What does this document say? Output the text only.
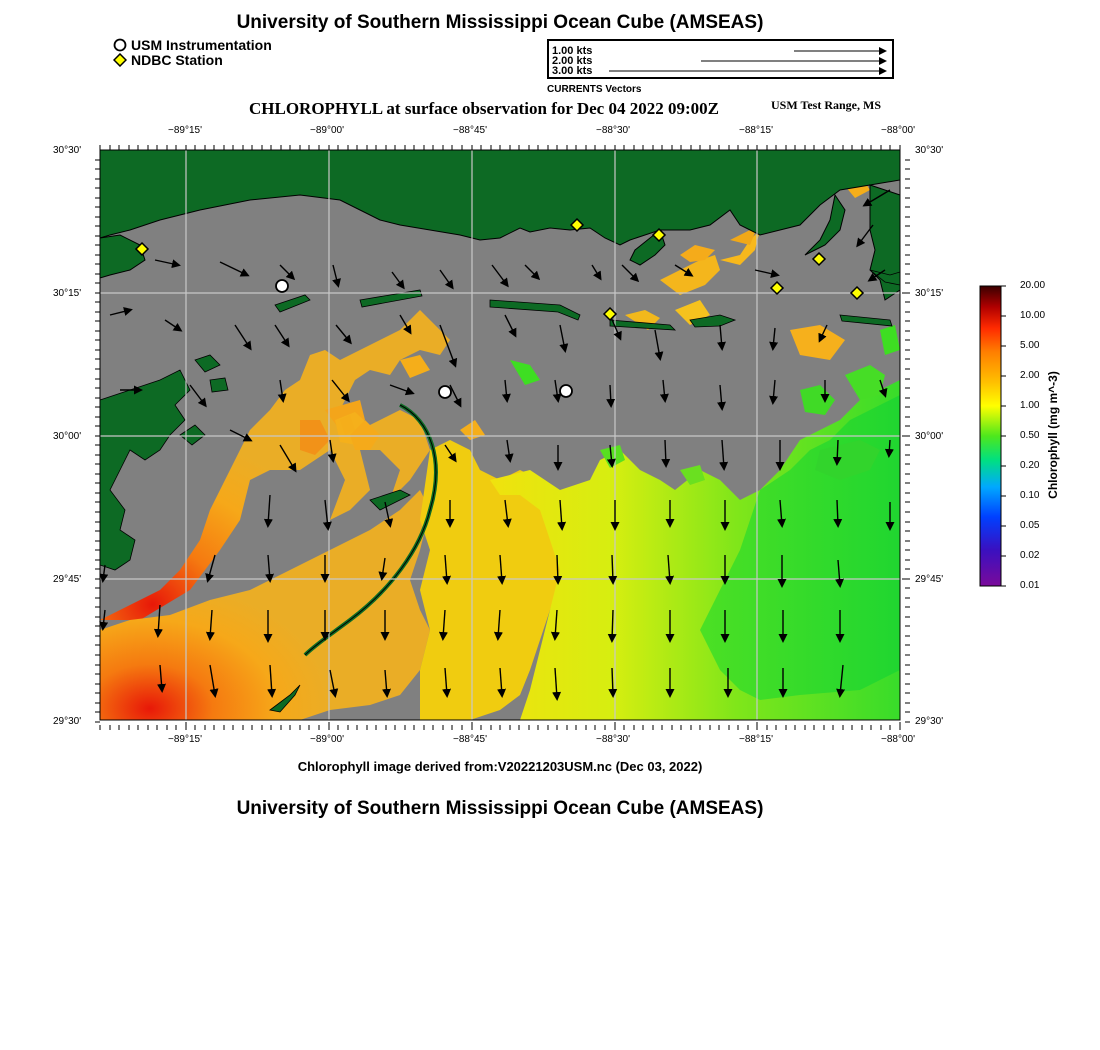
University of Southern Mississippi Ocean Cube (AMSEAS)
USM Instrumentation
NDBC Station
1.00 kts
2.00 kts
3.00 kts
CURRENTS Vectors
CHLOROPHYLL at surface observation for Dec 04 2022 09:00Z	USM Test Range, MS
−89°15'	−89°00'	−88°45'	−88°30'	−88°15'	−88°00'
−89°15'	−89°00'	−88°45'	−88°30'	−88°15'	−88°00'
30°30'
30°15'
30°00'
29°45'
29°30'
30°30'
30°15'
30°00'
29°45'
29°30'
20.00
10.00
5.00
2.00
1.00
0.50
0.20
0.10
0.05
0.02
0.01
Chlorophyll (mg m^-3)
Chlorophyll image derived from:V20221203USM.nc (Dec 03, 2022)
University of Southern Mississippi Ocean Cube (AMSEAS)
